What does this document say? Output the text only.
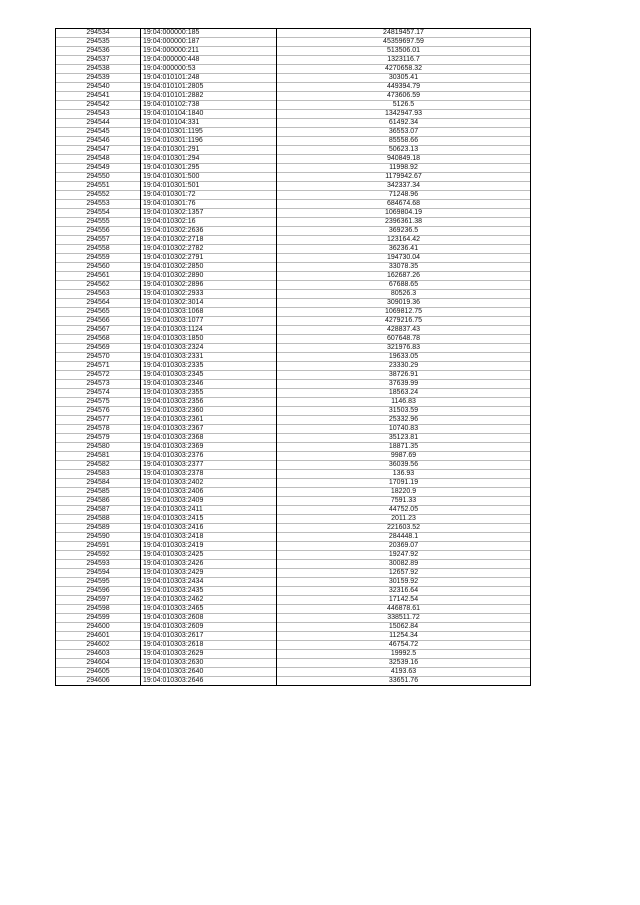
294534	19:04:000000:185	24819457.17
294535	19:04:000000:187	45359697.59
294536	19:04:000000:211	513506.01
294537	19:04:000000:448	1323116.7
294538	19:04:000000:53	4270658.32
294539	19:04:010101:248	30305.41
294540	19:04:010101:2805	449394.79
294541	19:04:010101:2882	473606.59
294542	19:04:010102:738	5126.5
294543	19:04:010104:1840	1342947.93
294544	19:04:010104:331	61492.34
294545	19:04:010301:1195	36553.07
294546	19:04:010301:1196	85558.66
294547	19:04:010301:291	50623.13
294548	19:04:010301:294	940849.18
294549	19:04:010301:295	11998.92
294550	19:04:010301:500	1179942.67
294551	19:04:010301:501	342337.34
294552	19:04:010301:72	71248.96
294553	19:04:010301:76	684674.68
294554	19:04:010302:1357	1069804.19
294555	19:04:010302:16	2396361.38
294556	19:04:010302:2636	369236.5
294557	19:04:010302:2718	123164.42
294558	19:04:010302:2782	36236.41
294559	19:04:010302:2791	194730.04
294560	19:04:010302:2850	33078.35
294561	19:04:010302:2890	162687.26
294562	19:04:010302:2896	67688.65
294563	19:04:010302:2933	80526.3
294564	19:04:010302:3014	309019.36
294565	19:04:010303:1068	1069812.75
294566	19:04:010303:1077	4279216.75
294567	19:04:010303:1124	428837.43
294568	19:04:010303:1850	607648.78
294569	19:04:010303:2324	321976.83
294570	19:04:010303:2331	19633.05
294571	19:04:010303:2335	23330.29
294572	19:04:010303:2345	38726.91
294573	19:04:010303:2346	37639.99
294574	19:04:010303:2355	18563.24
294575	19:04:010303:2356	1146.83
294576	19:04:010303:2360	31503.59
294577	19:04:010303:2361	25332.96
294578	19:04:010303:2367	10740.83
294579	19:04:010303:2368	35123.81
294580	19:04:010303:2369	18871.35
294581	19:04:010303:2376	9987.69
294582	19:04:010303:2377	36039.56
294583	19:04:010303:2378	136.93
294584	19:04:010303:2402	17091.19
294585	19:04:010303:2406	18220.9
294586	19:04:010303:2409	7591.33
294587	19:04:010303:2411	44752.05
294588	19:04:010303:2415	2011.23
294589	19:04:010303:2416	221603.52
294590	19:04:010303:2418	284448.1
294591	19:04:010303:2419	20369.07
294592	19:04:010303:2425	19247.92
294593	19:04:010303:2426	30082.89
294594	19:04:010303:2429	12657.92
294595	19:04:010303:2434	30159.92
294596	19:04:010303:2435	32316.64
294597	19:04:010303:2462	17142.54
294598	19:04:010303:2465	446878.61
294599	19:04:010303:2608	338511.72
294600	19:04:010303:2609	15062.84
294601	19:04:010303:2617	11254.34
294602	19:04:010303:2618	46754.72
294603	19:04:010303:2629	19992.5
294604	19:04:010303:2630	32539.16
294605	19:04:010303:2640	4193.63
294606	19:04:010303:2646	33651.76
